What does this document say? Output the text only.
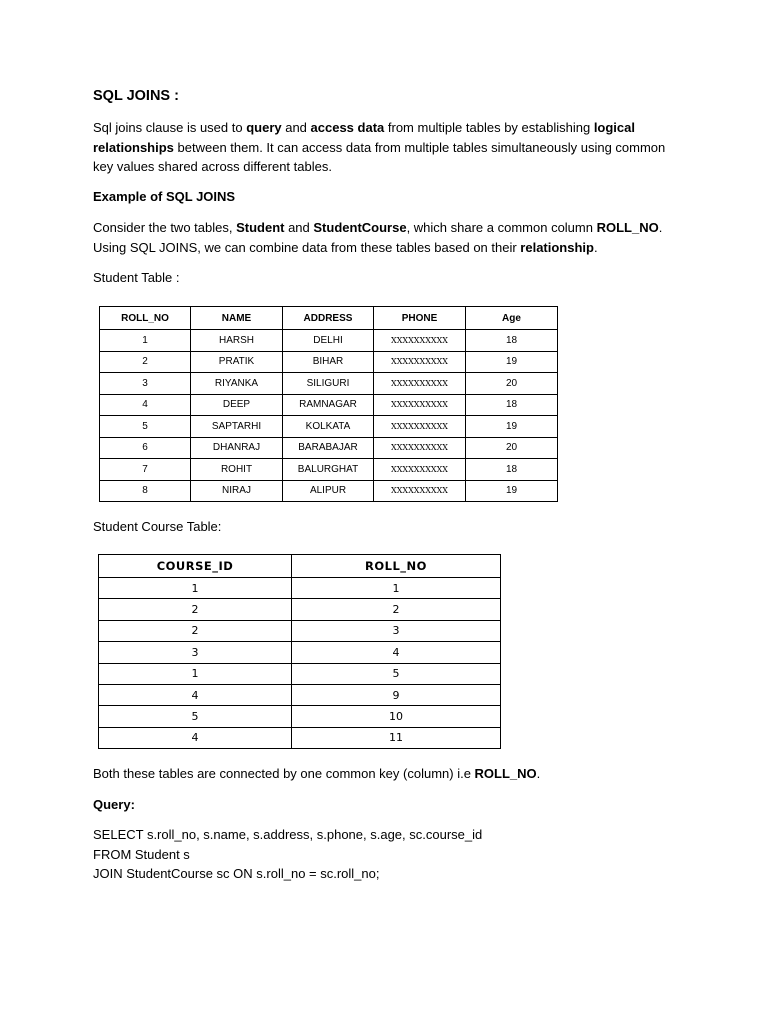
SQL JOINS :

Sql joins clause is used to query and access data from multiple tables by establishing logical relationships between them. It can access data from multiple tables simultaneously using common key values shared across different tables.

Example of SQL JOINS

Consider the two tables, Student and StudentCourse, which share a common column ROLL_NO. Using SQL JOINS, we can combine data from these tables based on their relationship.

Student Table :
ROLL_NO	NAME	ADDRESS	PHONE	Age
1	HARSH	DELHI	XXXXXXXXXX	18
2	PRATIK	BIHAR	XXXXXXXXXX	19
3	RIYANKA	SILIGURI	XXXXXXXXXX	20
4	DEEP	RAMNAGAR	XXXXXXXXXX	18
5	SAPTARHI	KOLKATA	XXXXXXXXXX	19
6	DHANRAJ	BARABAJAR	XXXXXXXXXX	20
7	ROHIT	BALURGHAT	XXXXXXXXXX	18
8	NIRAJ	ALIPUR	XXXXXXXXXX	19
Student Course Table:
COURSE_ID	ROLL_NO
1	1
2	2
2	3
3	4
1	5
4	9
5	10
4	11

Both these tables are connected by one common key (column) i.e ROLL_NO.

Query:
SELECT s.roll_no, s.name, s.address, s.phone, s.age, sc.course_id
FROM Student s
JOIN StudentCourse sc ON s.roll_no = sc.roll_no;
